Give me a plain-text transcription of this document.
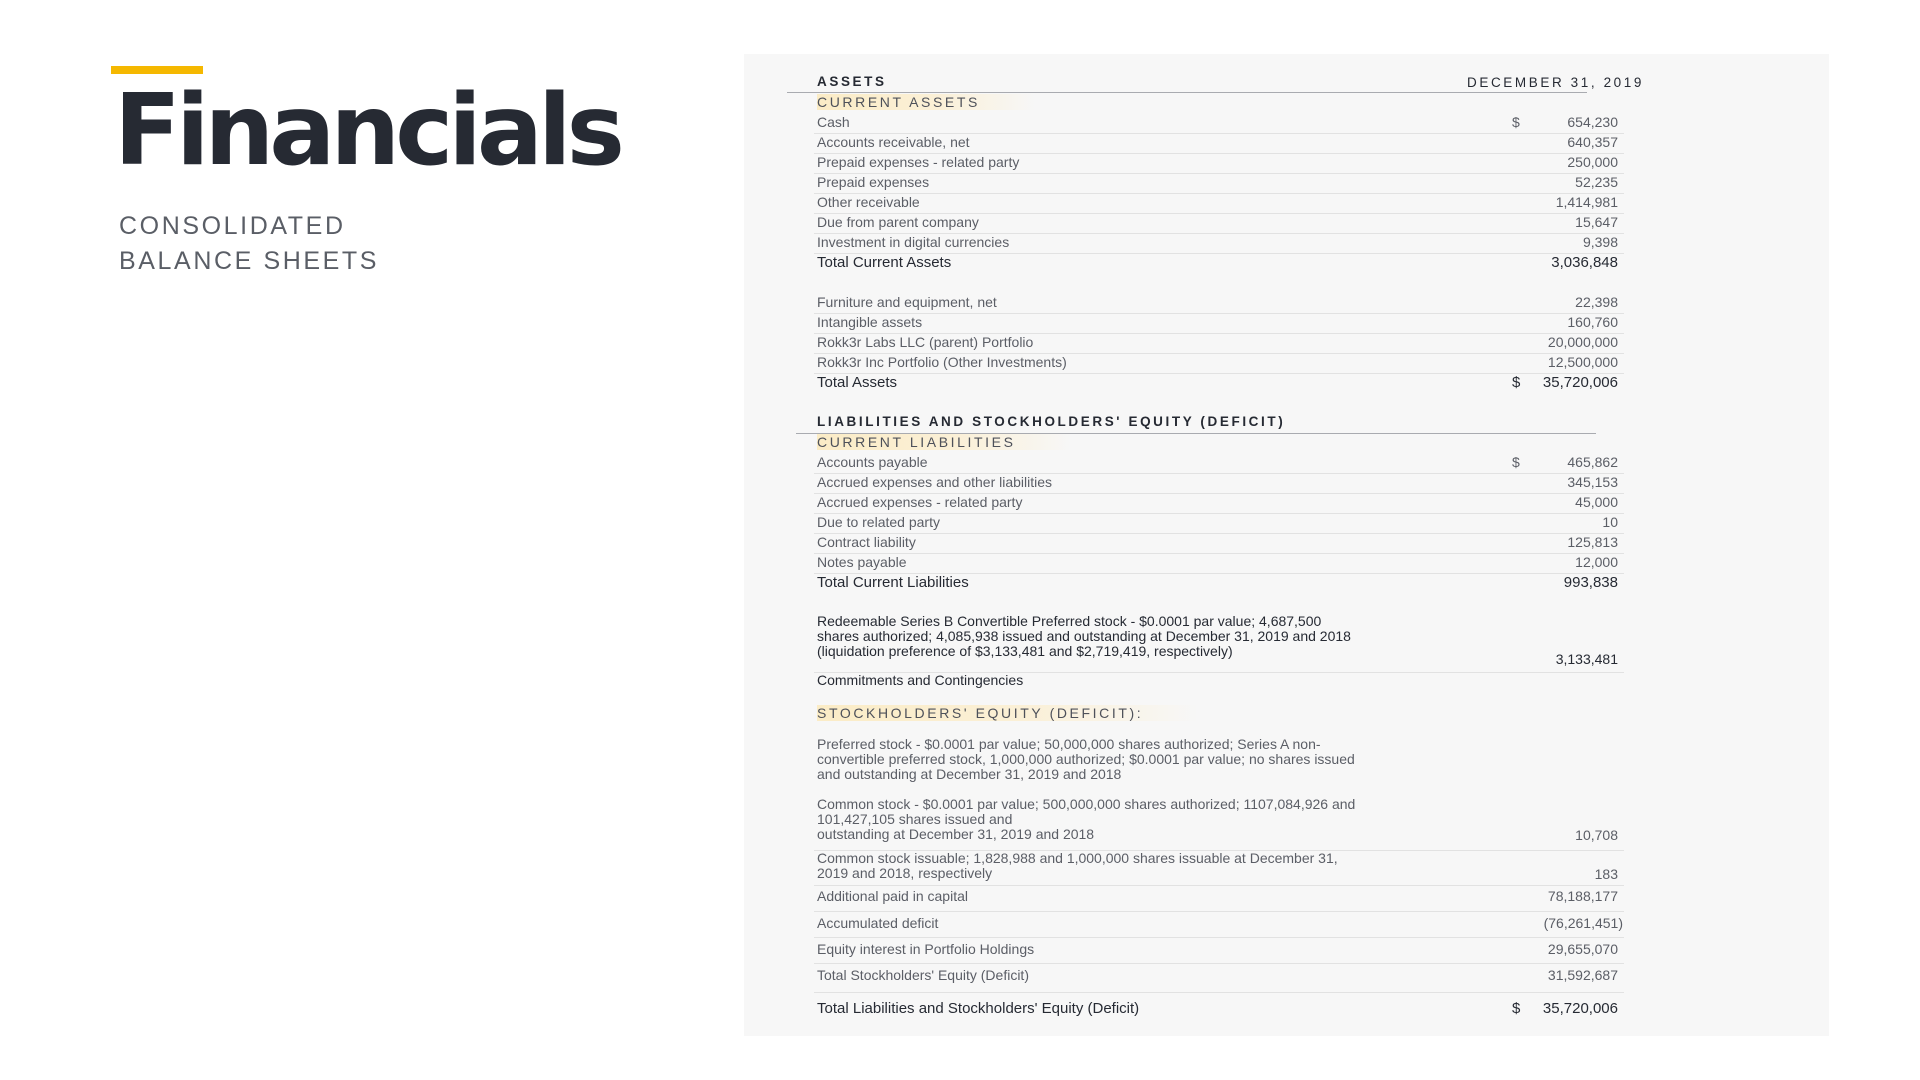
Financials
CONSOLIDATED
BALANCE SHEETS
ASSETS	DECEMBER 31, 2019
CURRENT ASSETS
Cash	$	654,230
Accounts receivable, net	640,357
Prepaid expenses - related party	250,000
Prepaid expenses	52,235
Other receivable	1,414,981
Due from parent company	15,647
Investment in digital currencies	9,398
Total Current Assets	3,036,848
Furniture and equipment, net	22,398
Intangible assets	160,760
Rokk3r Labs LLC (parent) Portfolio	20,000,000
Rokk3r Inc Portfolio (Other Investments)	12,500,000
Total Assets	$ 35,720,006
LIABILITIES AND STOCKHOLDERS' EQUITY (DEFICIT)
CURRENT LIABILITIES
Accounts payable	$	465,862
Accrued expenses and other liabilities	345,153
Accrued expenses - related party	45,000
Due to related party	10
Contract liability	125,813
Notes payable	12,000
Total Current Liabilities	993,838
Redeemable Series B Convertible Preferred stock - $0.0001 par value; 4,687,500
shares authorized; 4,085,938 issued and outstanding at December 31, 2019 and 2018
(liquidation preference of $3,133,481 and $2,719,419, respectively)	3,133,481
Commitments and Contingencies
STOCKHOLDERS' EQUITY (DEFICIT):
Preferred stock - $0.0001 par value; 50,000,000 shares authorized; Series A non-
convertible preferred stock, 1,000,000 authorized; $0.0001 par value; no shares issued
and outstanding at December 31, 2019 and 2018
Common stock - $0.0001 par value; 500,000,000 shares authorized; 1107,084,926 and
101,427,105 shares issued and
outstanding at December 31, 2019 and 2018	10,708
Common stock issuable; 1,828,988 and 1,000,000 shares issuable at December 31,
2019 and 2018, respectively	183
Additional paid in capital	78,188,177
Accumulated deficit	(76,261,451)
Equity interest in Portfolio Holdings	29,655,070
Total Stockholders' Equity (Deficit)	31,592,687
Total Liabilities and Stockholders' Equity (Deficit)	$ 35,720,006
